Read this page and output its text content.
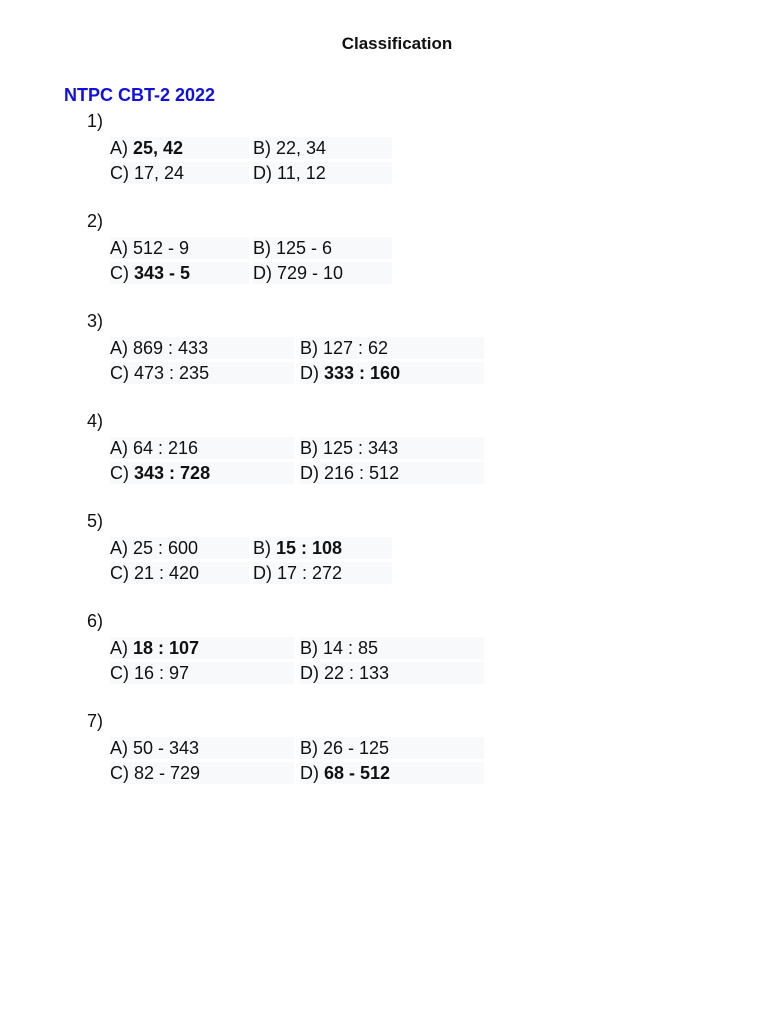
Classification
NTPC CBT-2 2022
1)
A) 25, 42	B) 22, 34
C) 17, 24	D) 11, 12
2)
A) 512 - 9	B) 125 - 6
C) 343 - 5	D) 729 - 10
3)
A) 869 : 433	B) 127 : 62
C) 473 : 235	D) 333 : 160
4)
A) 64 : 216	B) 125 : 343
C) 343 : 728	D) 216 : 512
5)
A) 25 : 600	B) 15 : 108
C) 21 : 420	D) 17 : 272
6)
A) 18 : 107	B) 14 : 85
C) 16 : 97	D) 22 : 133
7)
A) 50 - 343	B) 26 - 125
C) 82 - 729	D) 68 - 512
